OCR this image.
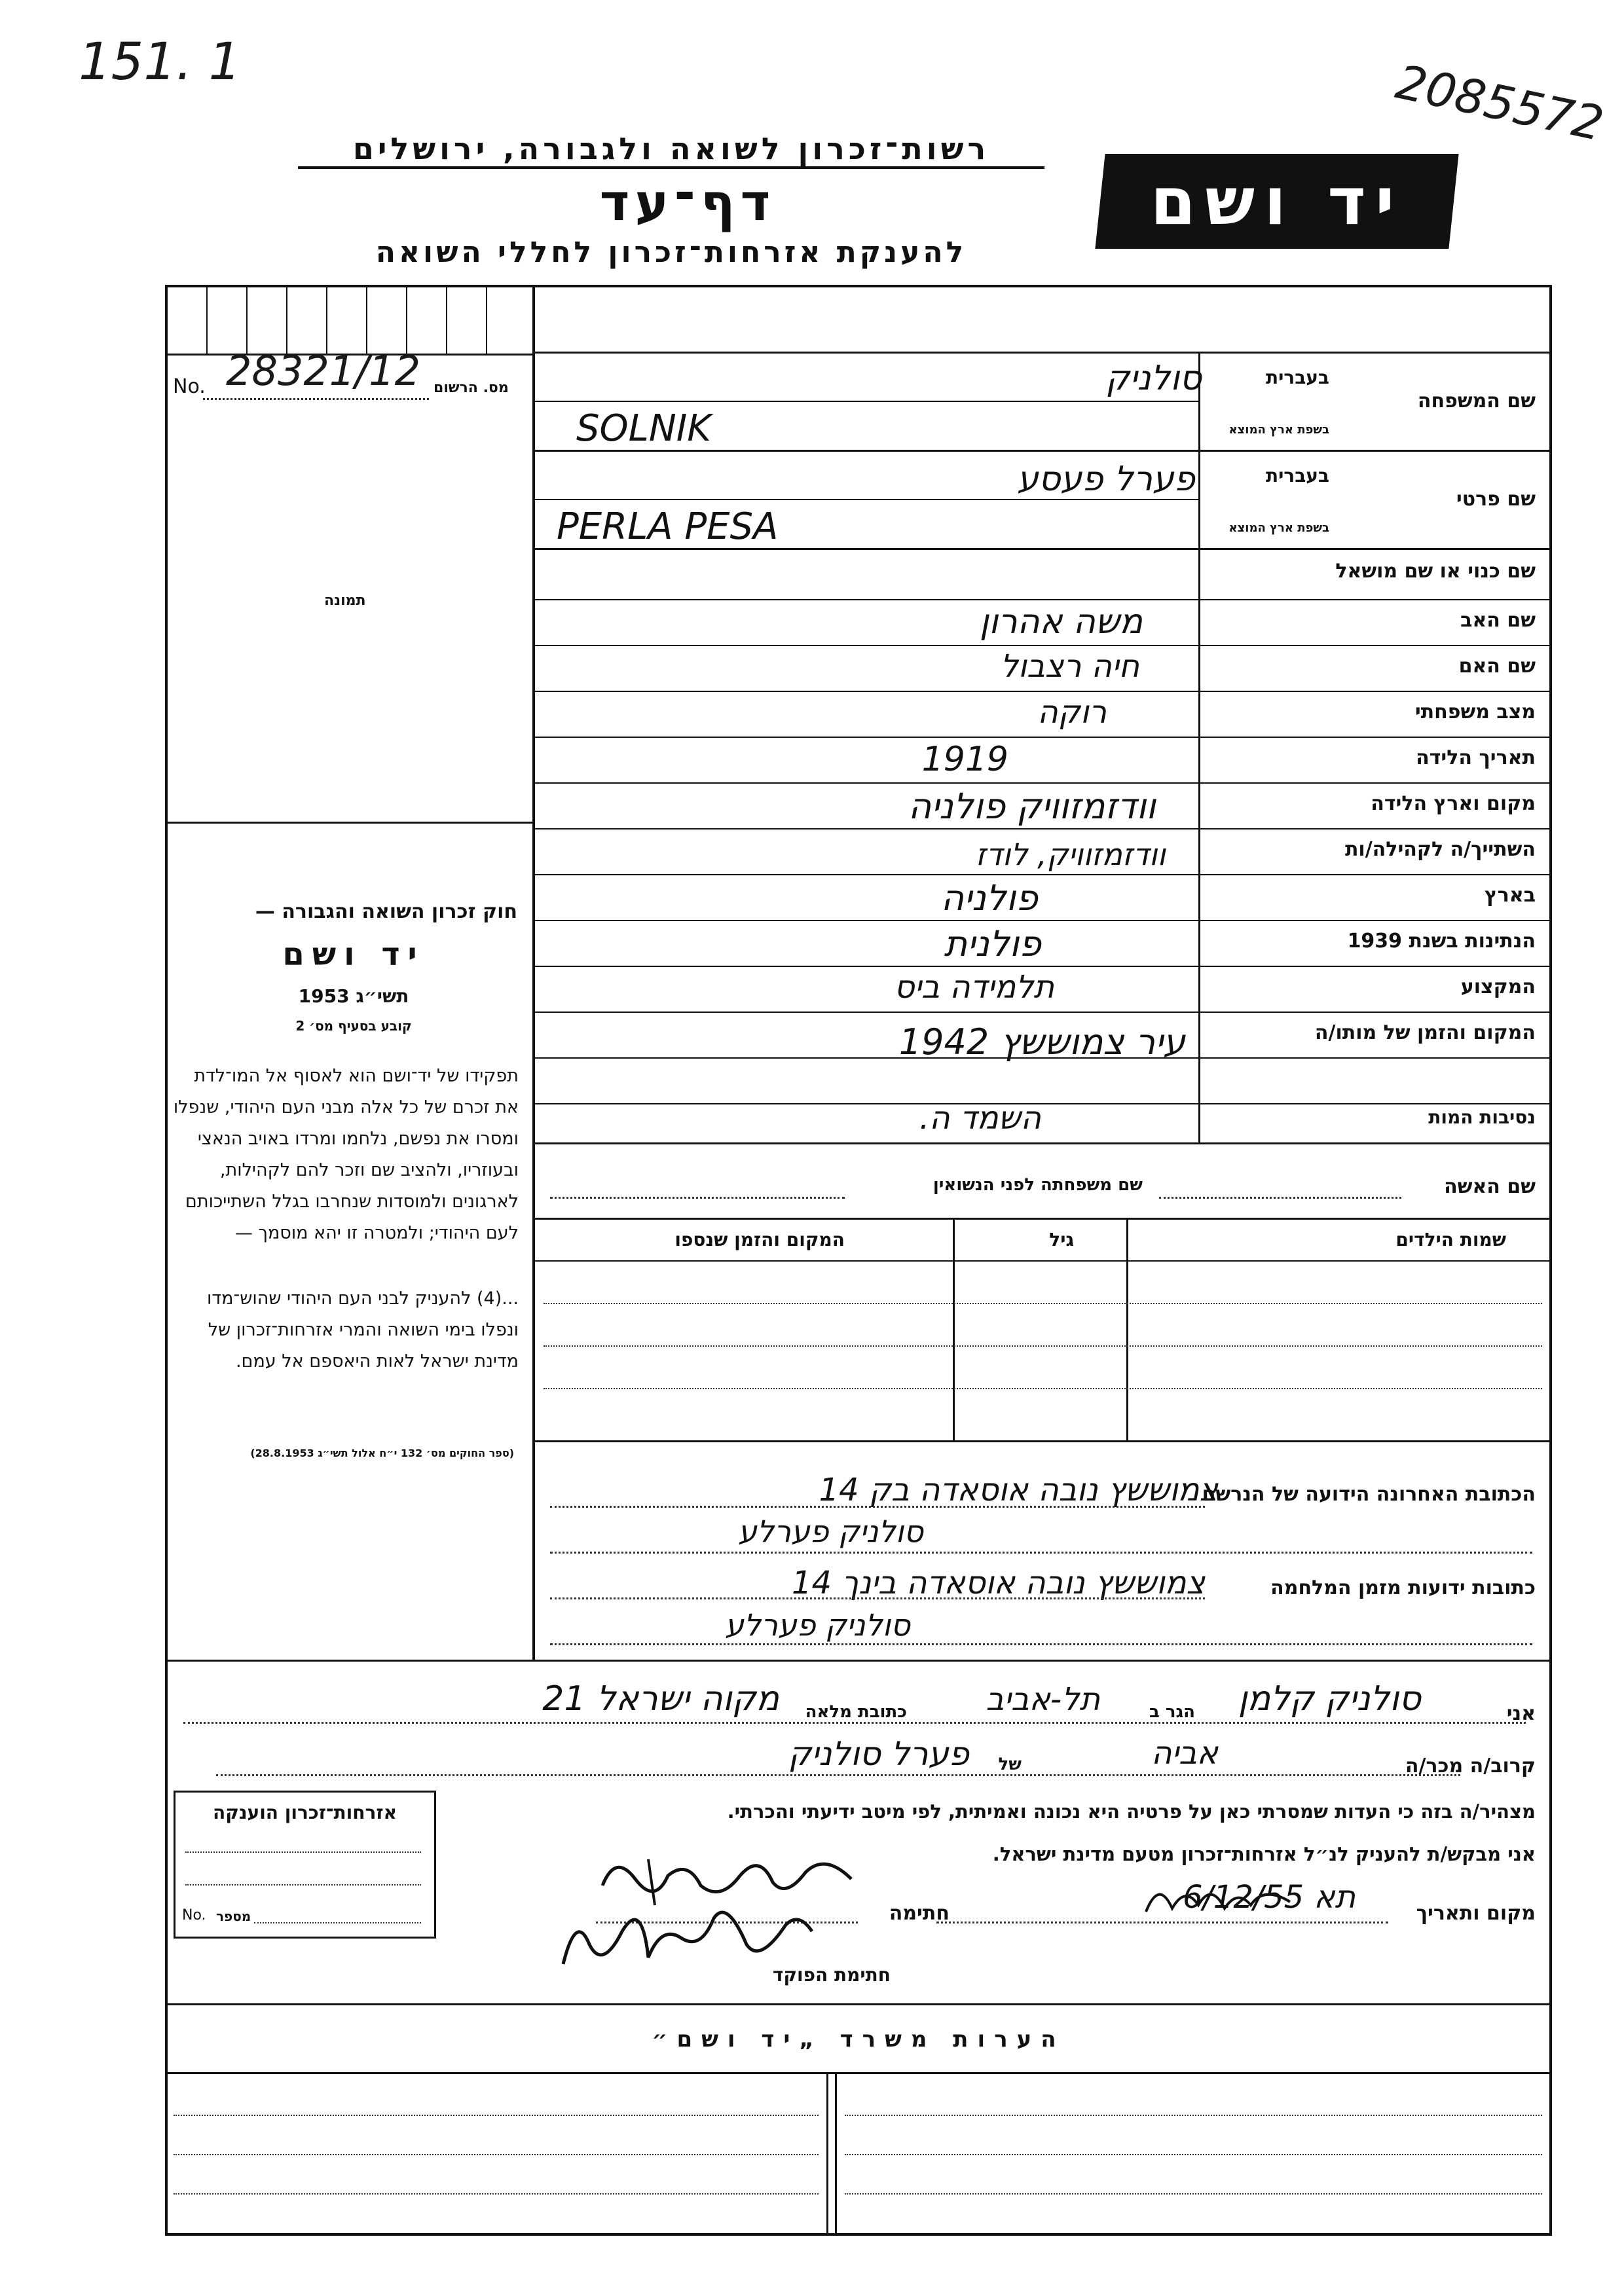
151. 1	2085572
רשות־זכרון לשואה ולגבורה, ירושלים
דף־עד
להענקת אזרחות־זכרון לחללי השואה
יד ושם
מס. הרשום
No. 28321/12
תמונה
חוק זכרון השואה והגבורה —
יד ושם
תשי״ג 1953
קובע בסעיף מס׳ 2
תפקידו של יד־ושם הוא לאסוף אל המו־לדת את זכרם של כל אלה מבני העם היהודי, שנפלו ומסרו את נפשם, נלחמו ומרדו באויב הנאצי ובעוזריו, ולהציב שם וזכר להם לקהילות, לארגונים ולמוסדות שנחרבו בגלל השתייכותם לעם היהודי; ולמטרה זו יהא מוסמך —
...(4) להעניק לבני העם היהודי שהוש־מדו ונפלו בימי השואה והמרי אזרחות־זכרון של מדינת ישראל לאות היאספם אל עמם.
(ספר החוקים מס׳ 132 י״ח אלול תשי״ג 28.8.1953)
שם המשפחה
בעברית
בשפת ארץ המוצא
שם פרטי
בעברית
בשפת ארץ המוצא
שם כנוי או שם מושאל
שם האב
שם האם
מצב משפחתי
תאריך הלידה
מקום וארץ הלידה
השתייך/ה לקהילה/ות
בארץ
הנתינות בשנת 1939
המקצוע
המקום והזמן של מותו/ה
נסיבות המות
סולניק
SOLNIK
פערל פעסע
PERLA PESA
משה אהרון
חיה רצבול
רוקה
1919
וודזמזוויק פולניה
וודזמזוויק, לודז
פולניה
פולנית
תלמידה ביס
עיר צמוששץ 1942
השמד ה.
שם האשה
שם משפחתה לפני הנשואין
שמות הילדים
גיל
המקום והזמן שנספו
הכתובת האחרונה הידועה של הנרשם
צמוששץ נובה אוסאדה בק 14
סולניק פערלע
כתובות ידועות מזמן המלחמה
צמוששץ נובה אוסאדה בינך 14
סולניק פערלע
אני
סולניק קלמן
הגר ב
תל-אביב
כתובת מלאה
מקוה ישראל 21
קרוב/ה מכר/ה
אביה
של
פערל סולניק
מצהיר/ה בזה כי העדות שמסרתי כאן על פרטיה היא נכונה ואמיתית, לפי מיטב ידיעתי והכרתי.
אני מבקש/ת להעניק לנ״ל אזרחות־זכרון מטעם מדינת ישראל.
מקום ותאריך
תא 6/12/55
חתימה
חתימת הפוקד
אזרחות־זכרון הוענקה
No. מספר
הערות משרד „יד ושם״
